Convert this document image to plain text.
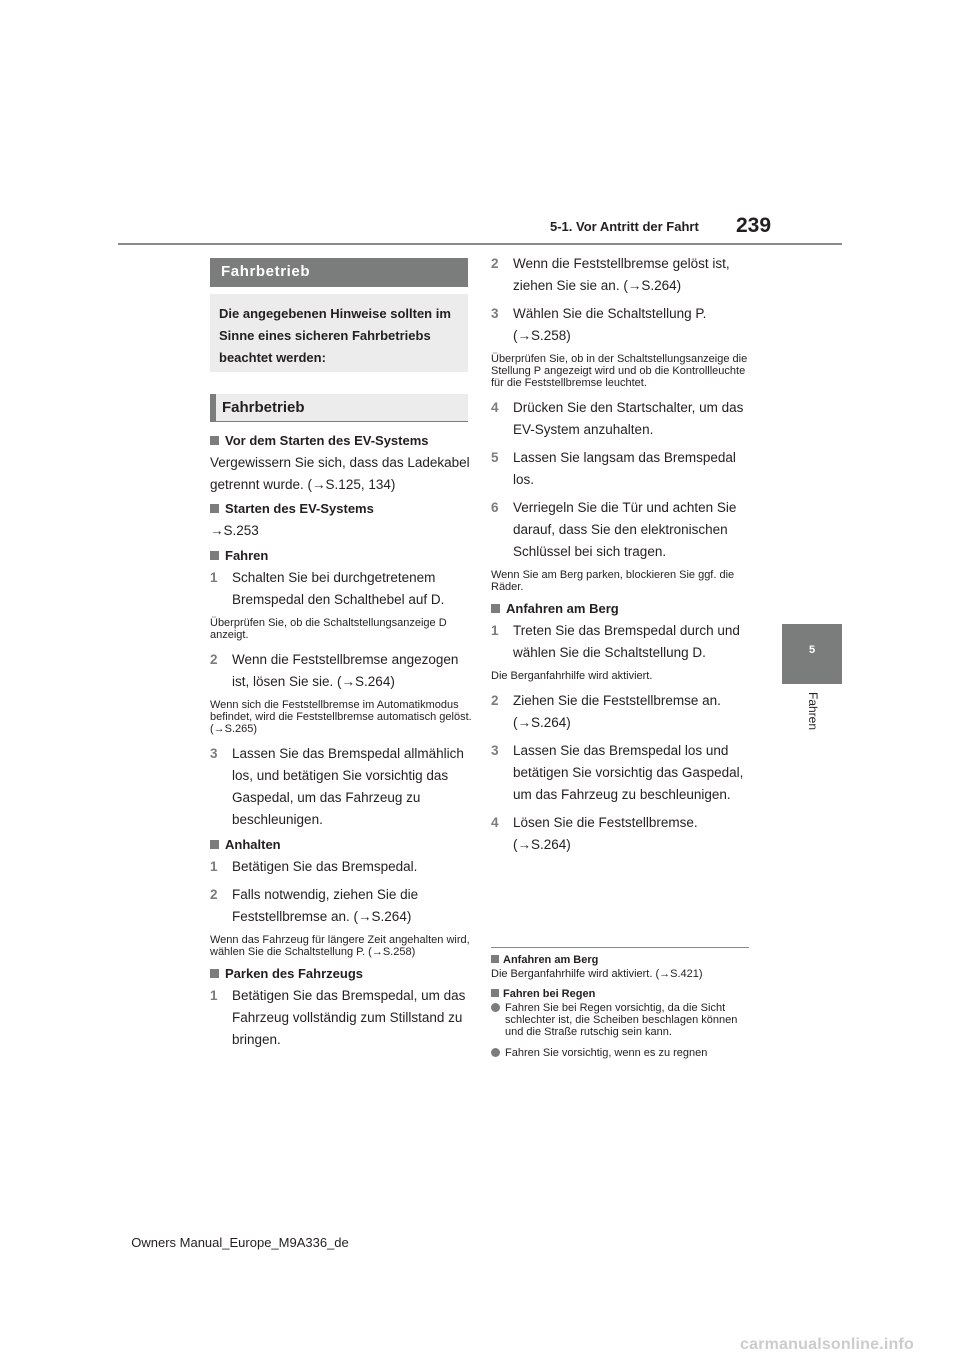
239
5-1. Vor Antritt der Fahrt
5
Fahren
Fahrbetrieb
Die angegebenen Hinweise sollten im Sinne eines sicheren Fahrbetriebs beachtet werden:
Fahrbetrieb
Vor dem Starten des EV-Systems

Vergewissern Sie sich, dass das Ladekabel getrennt wurde. (→S.125, 134)

Starten des EV-Systems

→S.253

Fahren
1 Schalten Sie bei durchgetretenem Bremspedal den Schalthebel auf D.

Überprüfen Sie, ob die Schaltstellungsanzeige D anzeigt.

2 Wenn die Feststellbremse angezogen ist, lösen Sie sie. (→S.264)

Wenn sich die Feststellbremse im Automatikmodus befindet, wird die Feststellbremse automatisch gelöst. (→S.265)

3 Lassen Sie das Bremspedal allmählich los, und betätigen Sie vorsichtig das Gaspedal, um das Fahrzeug zu beschleunigen.
Anhalten
1 Betätigen Sie das Bremspedal.
2 Falls notwendig, ziehen Sie die Feststellbremse an. (→S.264)

Wenn das Fahrzeug für längere Zeit angehalten wird, wählen Sie die Schaltstellung P. (→S.258)

Parken des Fahrzeugs
1 Betätigen Sie das Bremspedal, um das Fahrzeug vollständig zum Stillstand zu bringen.
2 Wenn die Feststellbremse gelöst ist, ziehen Sie sie an. (→S.264)
3 Wählen Sie die Schaltstellung P. (→S.258)

Überprüfen Sie, ob in der Schaltstellungsanzeige die Stellung P angezeigt wird und ob die Kontrollleuchte für die Feststellbremse leuchtet.

4 Drücken Sie den Startschalter, um das EV-System anzuhalten.
5 Lassen Sie langsam das Bremspedal los.
6 Verriegeln Sie die Tür und achten Sie darauf, dass Sie den elektronischen Schlüssel bei sich tragen.

Wenn Sie am Berg parken, blockieren Sie ggf. die Räder.

Anfahren am Berg
1 Treten Sie das Bremspedal durch und wählen Sie die Schaltstellung D.

Die Berganfahrhilfe wird aktiviert.

2 Ziehen Sie die Feststellbremse an. (→S.264)
3 Lassen Sie das Bremspedal los und betätigen Sie vorsichtig das Gaspedal, um das Fahrzeug zu beschleunigen.
4 Lösen Sie die Feststellbremse. (→S.264)
Anfahren am Berg

Die Berganfahrhilfe wird aktiviert. (→S.421)

Fahren bei Regen
Fahren Sie bei Regen vorsichtig, da die Sicht schlechter ist, die Scheiben beschlagen können und die Straße rutschig sein kann.
Fahren Sie vorsichtig, wenn es zu regnen
Owners Manual_Europe_M9A336_de
carmanualsonline.info
